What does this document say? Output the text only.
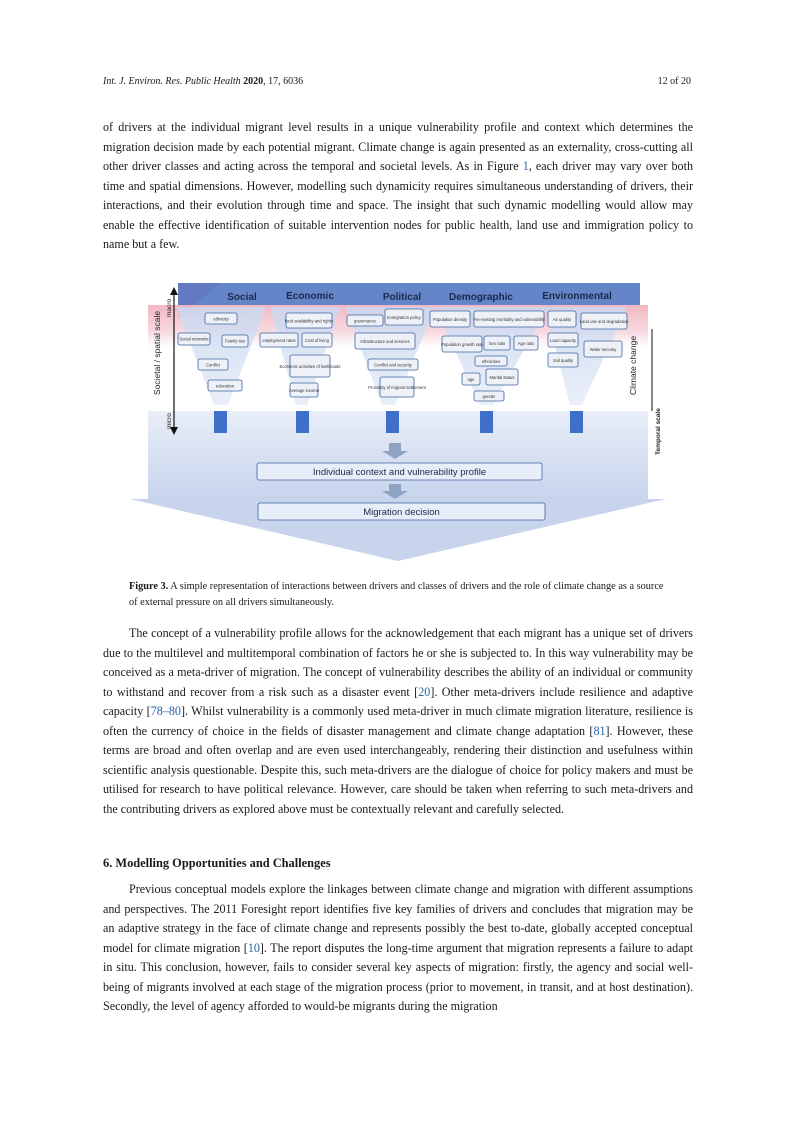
Int. J. Environ. Res. Public Health 2020, 17, 6036	12 of 20

of drivers at the individual migrant level results in a unique vulnerability profile and context which determines the migration decision made by each potential migrant. Climate change is again presented as an externality, cross-cutting all other driver classes and acting across the temporal and societal levels. As in Figure 1, each driver may vary over both time and spatial dimensions. However, modelling such dynamicity requires simultaneous understanding of drivers, their interactions, and their evolution through time and space. The insight that such dynamic modelling would allow may enable the effective identification of suitable intervention nodes for public health, land use and immigration policy to name but a few.

Social	Economic	Political	Demographic	Environmental
Societal / spatial scale
macro
micro
Climate change
Temporal scale
ethnicity
Social networks	Family ties
Conflict
education
food availability and rights
employment rates Cost of living
Economic activities of livelihoods
Average income
governance
Immigration policy
Infrastructure and services
Conflict and security
Proximity of migrant settlement
Population density Pre-existing morbidity and vulnerability
Population growth rate Sex ratio	Age ratio
ethnicities
age	Marital status
gender
Air quality Land use and degradation
Land capacity
Soil quality
Water security
Individual context and vulnerability profile
Migration decision
Figure 3. A simple representation of interactions between drivers and classes of drivers and the role of climate change as a source of external pressure on all drivers simultaneously.

The concept of a vulnerability profile allows for the acknowledgement that each migrant has a unique set of drivers due to the multilevel and multitemporal combination of factors he or she is subjected to. In this way vulnerability may be conceived as a meta-driver of migration. The concept of vulnerability describes the ability of an individual or community to withstand and recover from a risk such as a disaster event [20]. Other meta-drivers include resilience and adaptive capacity [78–80]. Whilst vulnerability is a commonly used meta-driver in much climate migration literature, resilience is often the currency of choice in the fields of disaster management and climate change adaptation [81]. However, these terms are broad and often overlap and are even used interchangeably, rendering their distinction and usefulness within scientific analysis questionable. Despite this, such meta-drivers are the dialogue of choice for policy makers and must be utilised for research to have political relevance. However, care should be taken when referring to such meta-drivers and the contributing drivers as explored above must be contextually relevant and carefully selected.

6. Modelling Opportunities and Challenges

Previous conceptual models explore the linkages between climate change and migration with different assumptions and perspectives. The 2011 Foresight report identifies five key families of drivers and concludes that migration may be an adaptive strategy in the face of climate change and represents possibly the best to-date, globally accepted conceptual model for climate migration [10]. The report disputes the long-time argument that migration represents a failure to adapt in situ. This conclusion, however, fails to consider several key aspects of migration: firstly, the agency and social well-being of migrants involved at each stage of the migration process (prior to movement, in transit, and at host destination). Secondly, the level of agency afforded to would-be migrants during the migration
